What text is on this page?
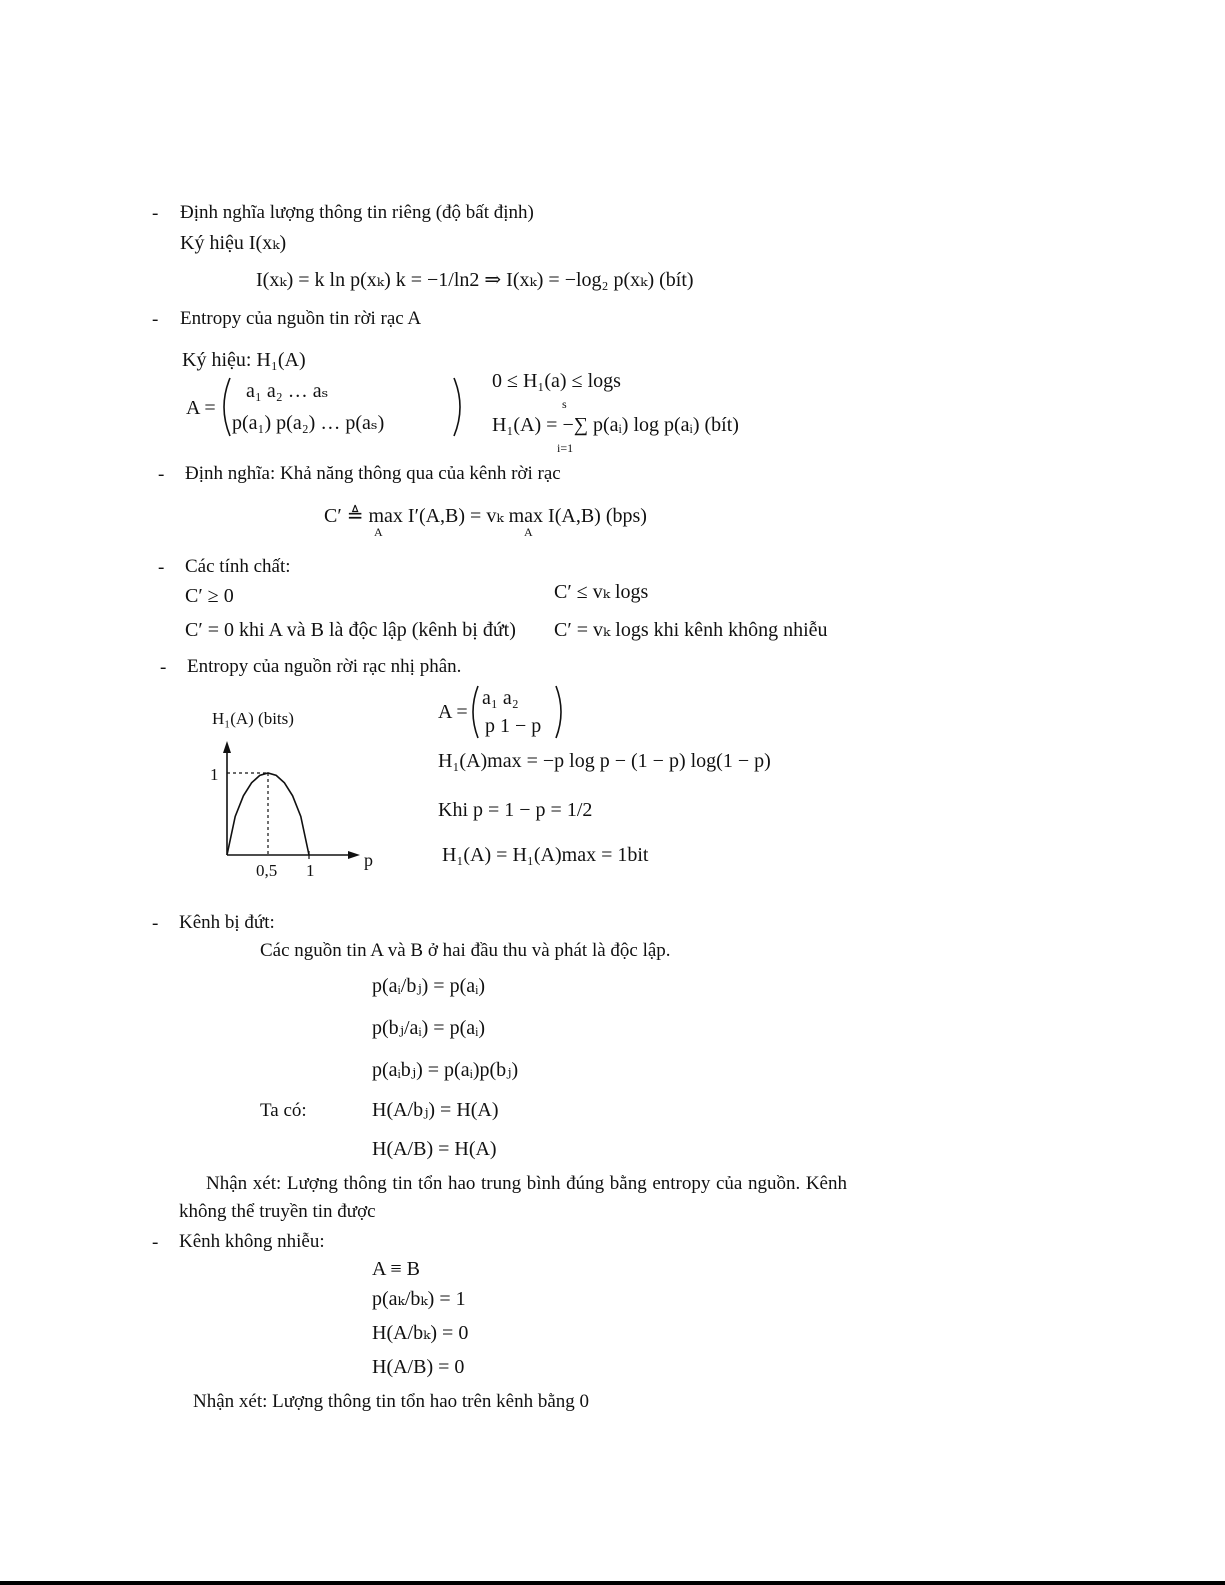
- Định nghĩa lượng thông tin riêng (độ bất định)
Ký hiệu I(xₖ)
I(xₖ) = k ln p(xₖ) k = −1/ln2 ⇒ I(xₖ) = −log₂ p(xₖ) (bít)
- Entropy của nguồn tin rời rạc A
Ký hiệu: H₁(A)
A =
a₁ a₂ … aₛ
p(a₁) p(a₂) … p(aₛ)
0 ≤ H₁(a) ≤ logs
s
H₁(A) = −∑ p(aᵢ) log p(aᵢ) (bít)
i=1
- Định nghĩa: Khả năng thông qua của kênh rời rạc
C′ ≜ max I′(A,B) = vₖ max I(A,B) (bps)
A	A
- Các tính chất:
C′ ≥ 0	C′ ≤ vₖ logs
C′ = 0 khi A và B là độc lập (kênh bị đứt) C′ = vₖ logs khi kênh không nhiễu
- Entropy của nguồn rời rạc nhị phân.
H₁(A) (bits)
1
0,5 1
p
A =
a₁ a₂
p 1 − p
H₁(A)max = −p log p − (1 − p) log(1 − p)
Khi p = 1 − p = 1/2
H₁(A) = H₁(A)max = 1bit
- Kênh bị đứt:
Các nguồn tin A và B ở hai đầu thu và phát là độc lập.
p(aᵢ/bⱼ) = p(aᵢ)
p(bⱼ/aᵢ) = p(aᵢ)
p(aᵢbⱼ) = p(aᵢ)p(bⱼ)
Ta có:	H(A/bⱼ) = H(A)
H(A/B) = H(A)
Nhận xét: Lượng thông tin tổn hao trung bình đúng bằng entropy của nguồn. Kênh không thể truyền tin được
- Kênh không nhiễu:
A ≡ B
p(aₖ/bₖ) = 1
H(A/bₖ) = 0
H(A/B) = 0
Nhận xét: Lượng thông tin tổn hao trên kênh bằng 0
